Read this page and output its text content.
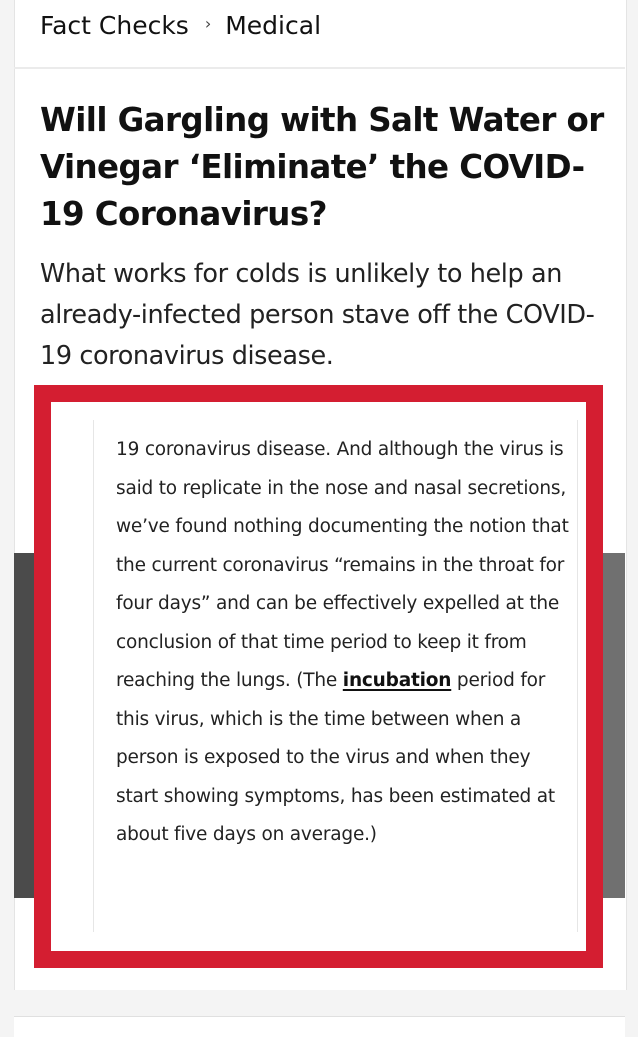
Fact Checks › Medical
Will Gargling with Salt Water or Vinegar ‘Eliminate’ the COVID-19 Coronavirus?

What works for colds is unlikely to help an already-infected person stave off the COVID-19 coronavirus disease.

19 coronavirus disease. And although the virus is said to replicate in the nose and nasal secretions, we’ve found nothing documenting the notion that the current coronavirus “remains in the throat for four days” and can be effectively expelled at the conclusion of that time period to keep it from reaching the lungs. (The incubation period for this virus, which is the time between when a person is exposed to the virus and when they start showing symptoms, has been estimated at about five days on average.)
